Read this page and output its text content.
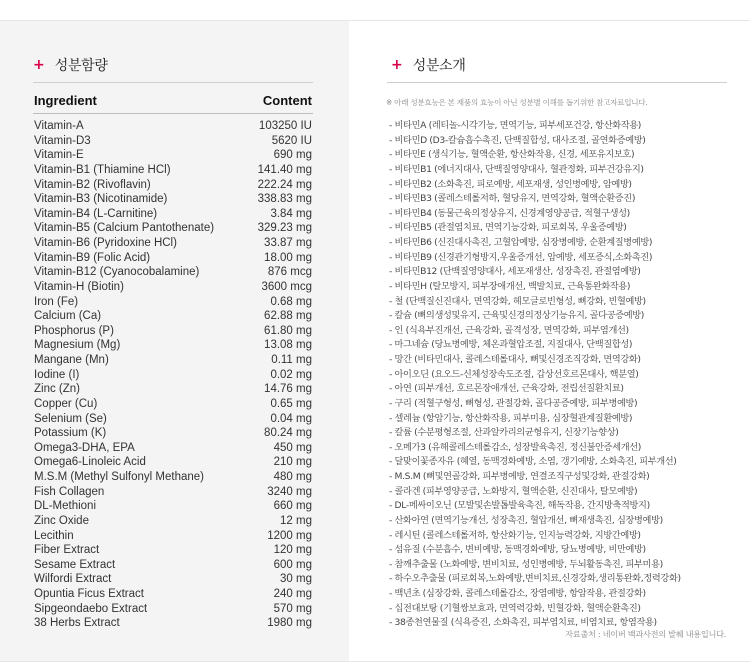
+ 성분함량
Ingredient	Content
Vitamin-A	103250 IU
Vitamin-D3	5620 IU
Vitamin-E	690 mg
Vitamin-B1 (Thiamine HCl)	141.40 mg
Vitamin-B2 (Rivoflavin)	222.24 mg
Vitamin-B3 (Nicotinamide)	338.83 mg
Vitamin-B4 (L-Carnitine)	3.84 mg
Vitamin-B5 (Calcium Pantothenate)	329.23 mg
Vitamin-B6 (Pyridoxine HCl)	33.87 mg
Vitamin-B9 (Folic Acid)	18.00 mg
Vitamin-B12 (Cyanocobalamine)	876 mcg
Vitamin-H (Biotin)	3600 mcg
Iron (Fe)	0.68 mg
Calcium (Ca)	62.88 mg
Phosphorus (P)	61.80 mg
Magnesium (Mg)	13.08 mg
Mangane (Mn)	0.11 mg
Iodine (I)	0.02 mg
Zinc (Zn)	14.76 mg
Copper (Cu)	0.65 mg
Selenium (Se)	0.04 mg
Potassium (K)	80.24 mg
Omega3-DHA, EPA	450 mg
Omega6-Linoleic Acid	210 mg
M.S.M (Methyl Sulfonyl Methane)	480 mg
Fish Collagen	3240 mg
DL-Methioni	660 mg
Zinc Oxide	12 mg
Lecithin	1200 mg
Fiber Extract	120 mg
Sesame Extract	600 mg
Wilfordi Extract	30 mg
Opuntia Ficus Extract	240 mg
Sipgeondaebo Extract	570 mg
38 Herbs Extract	1980 mg
+ 성분소개
※ 아래 성분효능은 본 제품의 효능이 아닌 성분별 이해를 돕기위한 참고자료입니다.
- 비타민A (레티놀-시각기능, 면역기능, 피부세포건강, 항산화작용)
- 비타민D (D3-칼슘흡수촉진, 단백질합성, 대사조절, 골연화증예방)
- 비타민E (생식기능, 혈액순환, 항산화작용, 신경, 세포유지보호)
- 비타민B1 (에너지대사, 단백질영양대사, 혈관정화, 피부건강유지)
- 비타민B2 (소화촉진, 피로예방, 세포재생, 성인병예방, 암예방)
- 비타민B3 (콜레스테롤저하, 혈당유지, 면역강화, 혈액순환증진)
- 비타민B4 (동물근육의정상유지, 신경계영양공급, 적혈구생성)
- 비타민B5 (관절염치료, 면역기능강화, 피로회복, 우울증예방)
- 비타민B6 (신진대사촉진, 고혈압예방, 심장병예방, 순환계질병예방)
- 비타민B9 (신경관기형방지,우울증개선, 암예방, 세포증식,소화촉진)
- 비타민B12 (단백질영양대사, 세포재생산, 성장촉진, 관절염예방)
- 비타민H (탈모방지, 피부장애개선, 백발치료, 근육통완화작용)
- 철 (단백질신진대사, 면역강화, 헤모글로빈형성, 뼈강화, 빈혈예방)
- 칼슘 (뼈의생성및유지, 근육및신경의정상기능유지, 골다공증예방)
- 인 (식욕부진개선, 근육강화, 골격성장, 면역강화, 피부염개선)
- 마그네슘 (당뇨병예방, 체온과혈압조절, 지질대사, 단백질합성)
- 망간 (비타민대사, 콜레스테롤대사, 뼈및신경조직강화, 면역강화)
- 아이오딘 (요오드-신체성장속도조절, 갑상선호르몬대사, 핵분열)
- 아연 (피부개선, 호르몬장애개선, 근육강화, 전립선질환치료)
- 구리 (적혈구형성, 뼈형성, 관절강화, 골다공증예방, 피부병예방)
- 셀레늄 (항암기능, 항산화작용, 피부미용, 심장혈관계질환예방)
- 칼륨 (수분평형조절, 산과알카리의균형유지, 신장기능향상)
- 오메가3 (유해콜레스테롤감소, 성장발육촉진, 정신불안증세개선)
- 달맞이꽃종자유 (혜열, 동맥경화예방, 소염, 갱기예방, 소화촉진, 피부개선)
- M.S.M (뼈및연골강화, 피부병예방, 연결조직구성및강화, 관절강화)
- 콜라겐 (피부영양공급, 노화방지, 혈액순환, 신진대사, 탈모예방)
- DL-메싸이오닌 (모발및손발톱발육촉진, 해독작용, 간지방축적방지)
- 산화아연 (면역기능개선, 성장촉진, 혈압개선, 뼈재생촉진, 심장병예방)
- 레시틴 (콜레스테롤저하, 항산화기능, 인지능력강화, 지방간예방)
- 섬유질 (수분흡수, 변비예방, 동맥경화예방, 당뇨병예방, 비만예방)
- 참깨추출물 (노화예방, 변비치료, 성인병예방, 두뇌활동촉진, 피부미용)
- 하수오추출물 (피로회복,노화예방,변비치료,신경강화,생리통완화,정력강화)
- 백년초 (심장강화, 콜레스테롤감소, 장염예방, 항암작용, 관절강화)
- 십전대보탕 (기혈쌍보효과, 면역력강화, 빈혈강화, 혈액순환촉진)
- 38종천연물질 (식욕증진, 소화촉진, 피부염치료, 비염치료, 항염작용)
자료출처 : 네이버 백과사전의 발췌 내용입니다.
